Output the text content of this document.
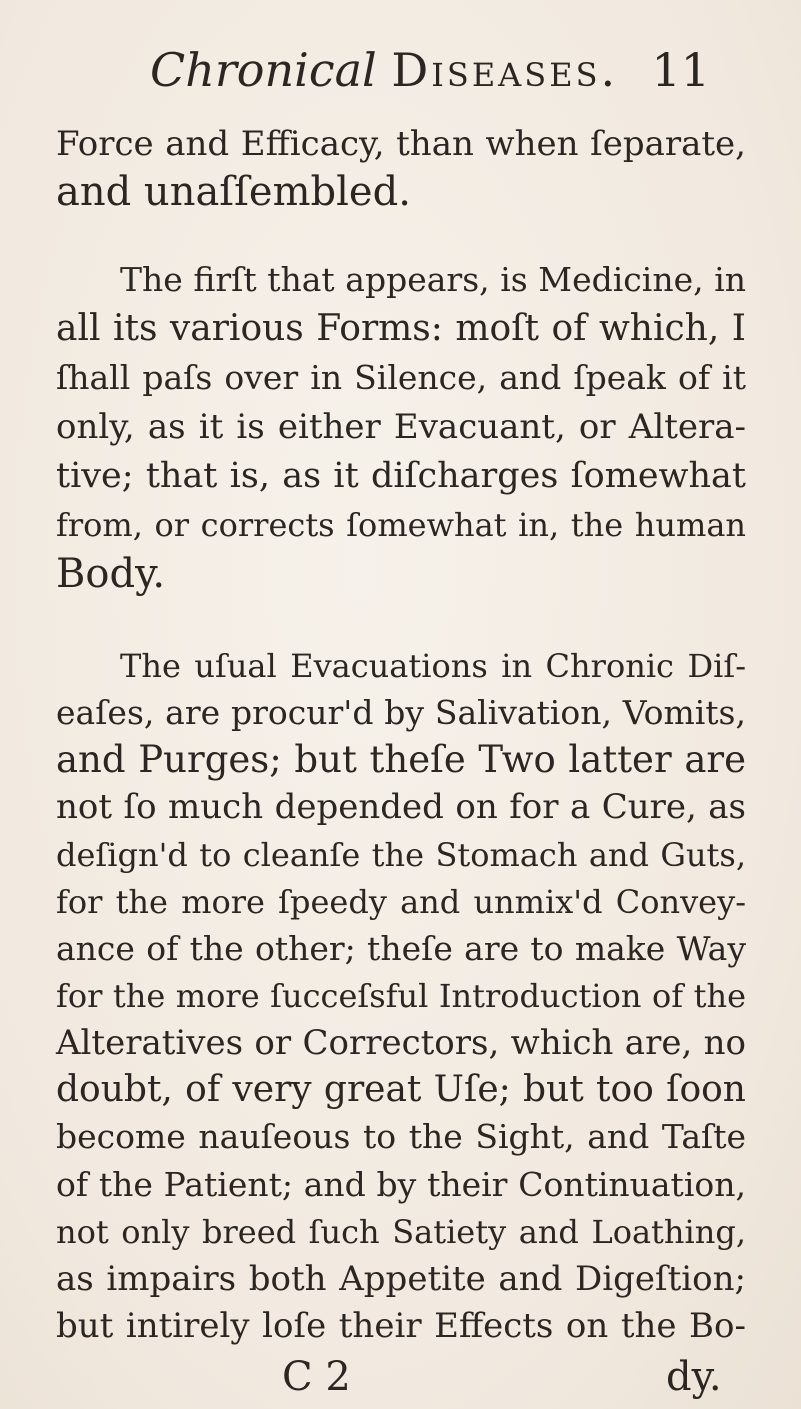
Chronical Diseases. 11
Force and Efficacy, than when ſeparate,
and unaſſembled.
The firſt that appears, is Medicine, in
all its various Forms: moſt of which, I
ſhall paſs over in Silence, and ſpeak of it
only, as it is either Evacuant, or Altera-
tive; that is, as it diſcharges ſomewhat
from, or corrects ſomewhat in, the human
Body.
The uſual Evacuations in Chronic Diſ-
eaſes, are procur'd by Salivation, Vomits,
and Purges; but theſe Two latter are
not ſo much depended on for a Cure, as
deſign'd to cleanſe the Stomach and Guts,
for the more ſpeedy and unmix'd Convey-
ance of the other; theſe are to make Way
for the more ſucceſsful Introduction of the
Alteratives or Correctors, which are, no
doubt, of very great Uſe; but too ſoon
become nauſeous to the Sight, and Taſte
of the Patient; and by their Continuation,
not only breed ſuch Satiety and Loathing,
as impairs both Appetite and Digeſtion;
but intirely loſe their Effects on the Bo-
C 2	dy.
